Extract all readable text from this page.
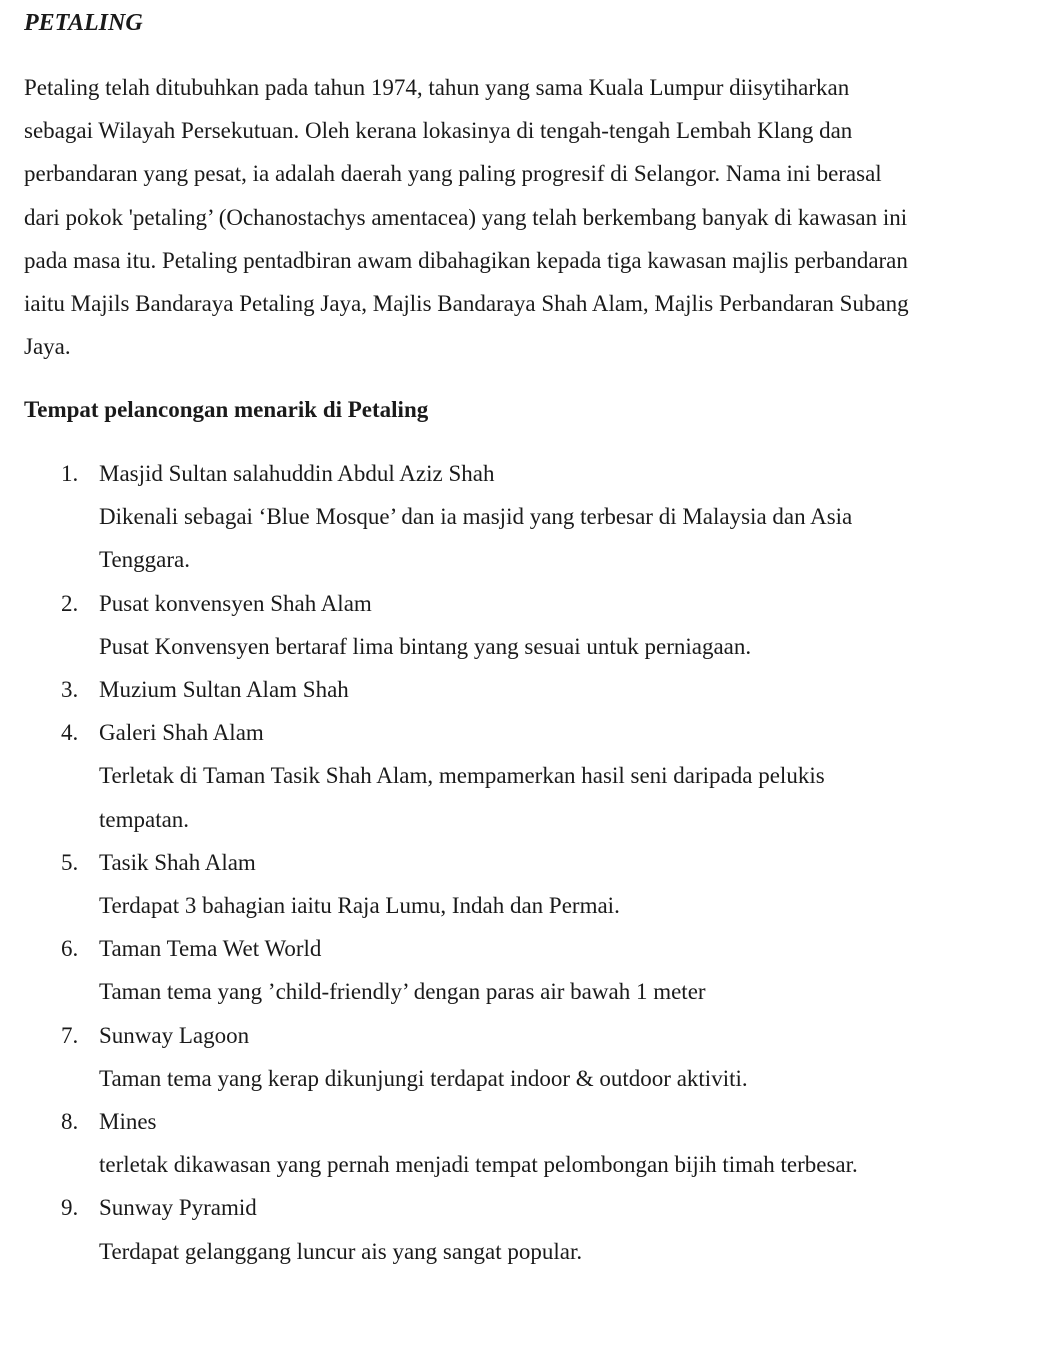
PETALING

Petaling telah ditubuhkan pada tahun 1974, tahun yang sama Kuala Lumpur diisytiharkan
sebagai Wilayah Persekutuan. Oleh kerana lokasinya di tengah-tengah Lembah Klang dan
perbandaran yang pesat, ia adalah daerah yang paling progresif di Selangor. Nama ini berasal
dari pokok 'petaling’ (Ochanostachys amentacea) yang telah berkembang banyak di kawasan ini
pada masa itu. Petaling pentadbiran awam dibahagikan kepada tiga kawasan majlis perbandaran
iaitu Majils Bandaraya Petaling Jaya, Majlis Bandaraya Shah Alam, Majlis Perbandaran Subang
Jaya.

Tempat pelancongan menarik di Petaling
1. Masjid Sultan salahuddin Abdul Aziz Shah
Dikenali sebagai ‘Blue Mosque’ dan ia masjid yang terbesar di Malaysia dan Asia
Tenggara.
2. Pusat konvensyen Shah Alam
Pusat Konvensyen bertaraf lima bintang yang sesuai untuk perniagaan.
3. Muzium Sultan Alam Shah
4. Galeri Shah Alam
Terletak di Taman Tasik Shah Alam, mempamerkan hasil seni daripada pelukis
tempatan.
5. Tasik Shah Alam
Terdapat 3 bahagian iaitu Raja Lumu, Indah dan Permai.
6. Taman Tema Wet World
Taman tema yang ’child-friendly’ dengan paras air bawah 1 meter
7. Sunway Lagoon
Taman tema yang kerap dikunjungi terdapat indoor & outdoor aktiviti.
8. Mines
terletak dikawasan yang pernah menjadi tempat pelombongan bijih timah terbesar.
9. Sunway Pyramid
Terdapat gelanggang luncur ais yang sangat popular.
